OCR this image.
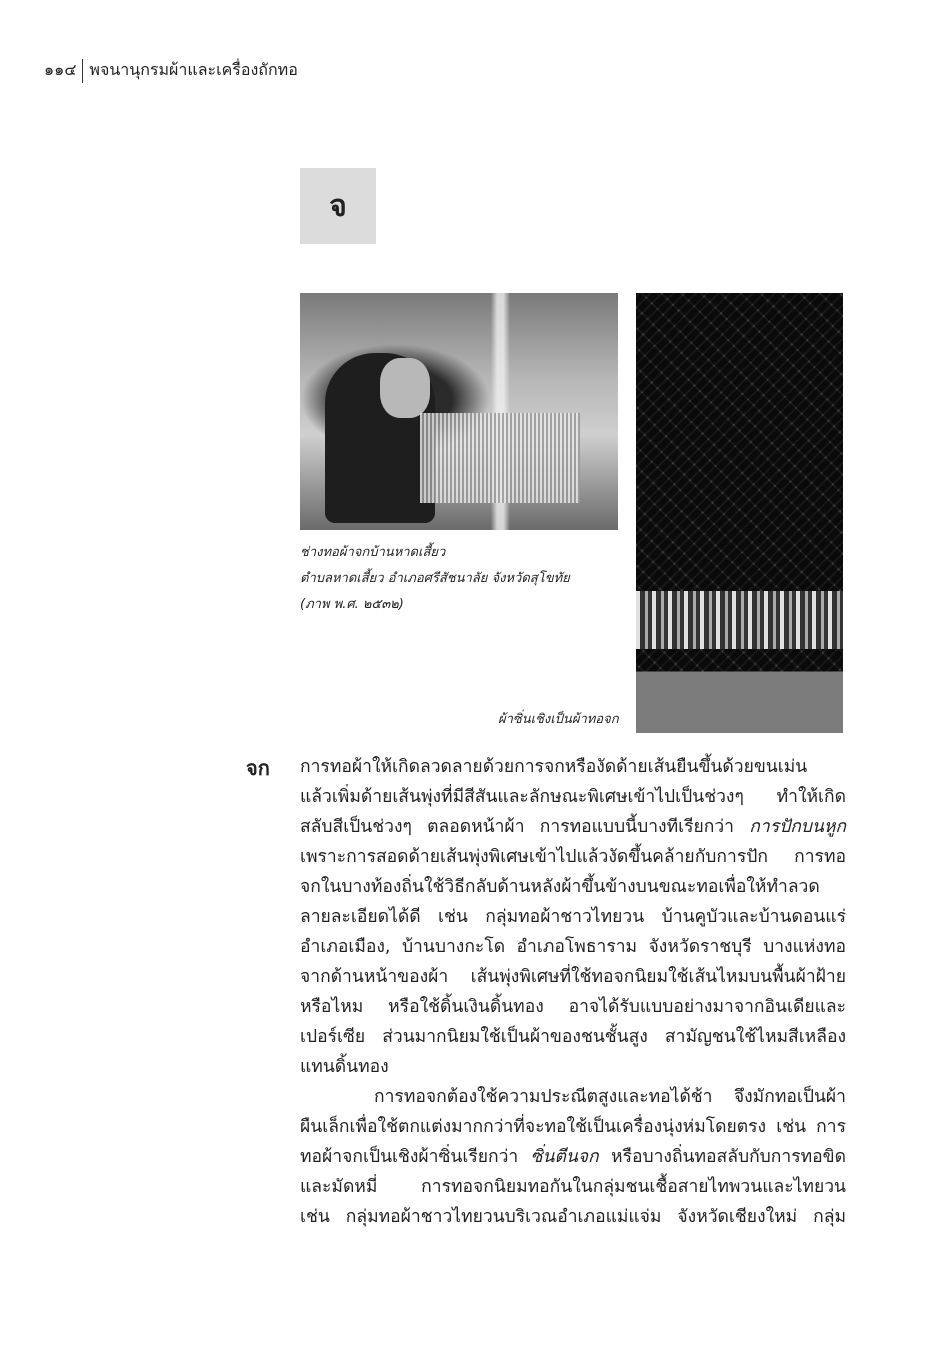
๑๑๔ พจนานุกรมผ้าและเครื่องถักทอ
จ
ช่างทอผ้าจกบ้านหาดเสี้ยว
ตำบลหาดเสี้ยว อำเภอศรีสัชนาลัย จังหวัดสุโขทัย
(ภาพ พ.ศ. ๒๕๓๒)
ผ้าซิ่นเชิงเป็นผ้าทอจก
จก การทอผ้าให้เกิดลวดลายด้วยการจกหรืองัดด้ายเส้นยืนขึ้นด้วยขนเม่น
แล้วเพิ่มด้ายเส้นพุ่งที่มีสีสันและลักษณะพิเศษเข้าไปเป็นช่วงๆ ทำให้เกิด
สลับสีเป็นช่วงๆ ตลอดหน้าผ้า การทอแบบนี้บางทีเรียกว่า การปักบนหูก
เพราะการสอดด้ายเส้นพุ่งพิเศษเข้าไปแล้วงัดขึ้นคล้ายกับการปัก การทอ
จกในบางท้องถิ่นใช้วิธีกลับด้านหลังผ้าขึ้นข้างบนขณะทอเพื่อให้ทำลวด
ลายละเอียดได้ดี เช่น กลุ่มทอผ้าชาวไทยวน บ้านคูบัวและบ้านดอนแร่
อำเภอเมือง, บ้านบางกะโด อำเภอโพธาราม จังหวัดราชบุรี บางแห่งทอ
จากด้านหน้าของผ้า เส้นพุ่งพิเศษที่ใช้ทอจกนิยมใช้เส้นไหมบนพื้นผ้าฝ้าย
หรือไหม หรือใช้ดิ้นเงินดิ้นทอง อาจได้รับแบบอย่างมาจากอินเดียและ
เปอร์เซีย ส่วนมากนิยมใช้เป็นผ้าของชนชั้นสูง สามัญชนใช้ไหมสีเหลือง
แทนดิ้นทอง
การทอจกต้องใช้ความประณีตสูงและทอได้ช้า จึงมักทอเป็นผ้า
ผืนเล็กเพื่อใช้ตกแต่งมากกว่าที่จะทอใช้เป็นเครื่องนุ่งห่มโดยตรง เช่น การ
ทอผ้าจกเป็นเชิงผ้าซิ่นเรียกว่า ซิ่นตีนจก หรือบางถิ่นทอสลับกับการทอขิด
และมัดหมี่ การทอจกนิยมทอกันในกลุ่มชนเชื้อสายไทพวนและไทยวน
เช่น กลุ่มทอผ้าชาวไทยวนบริเวณอำเภอแม่แจ่ม จังหวัดเชียงใหม่ กลุ่ม
